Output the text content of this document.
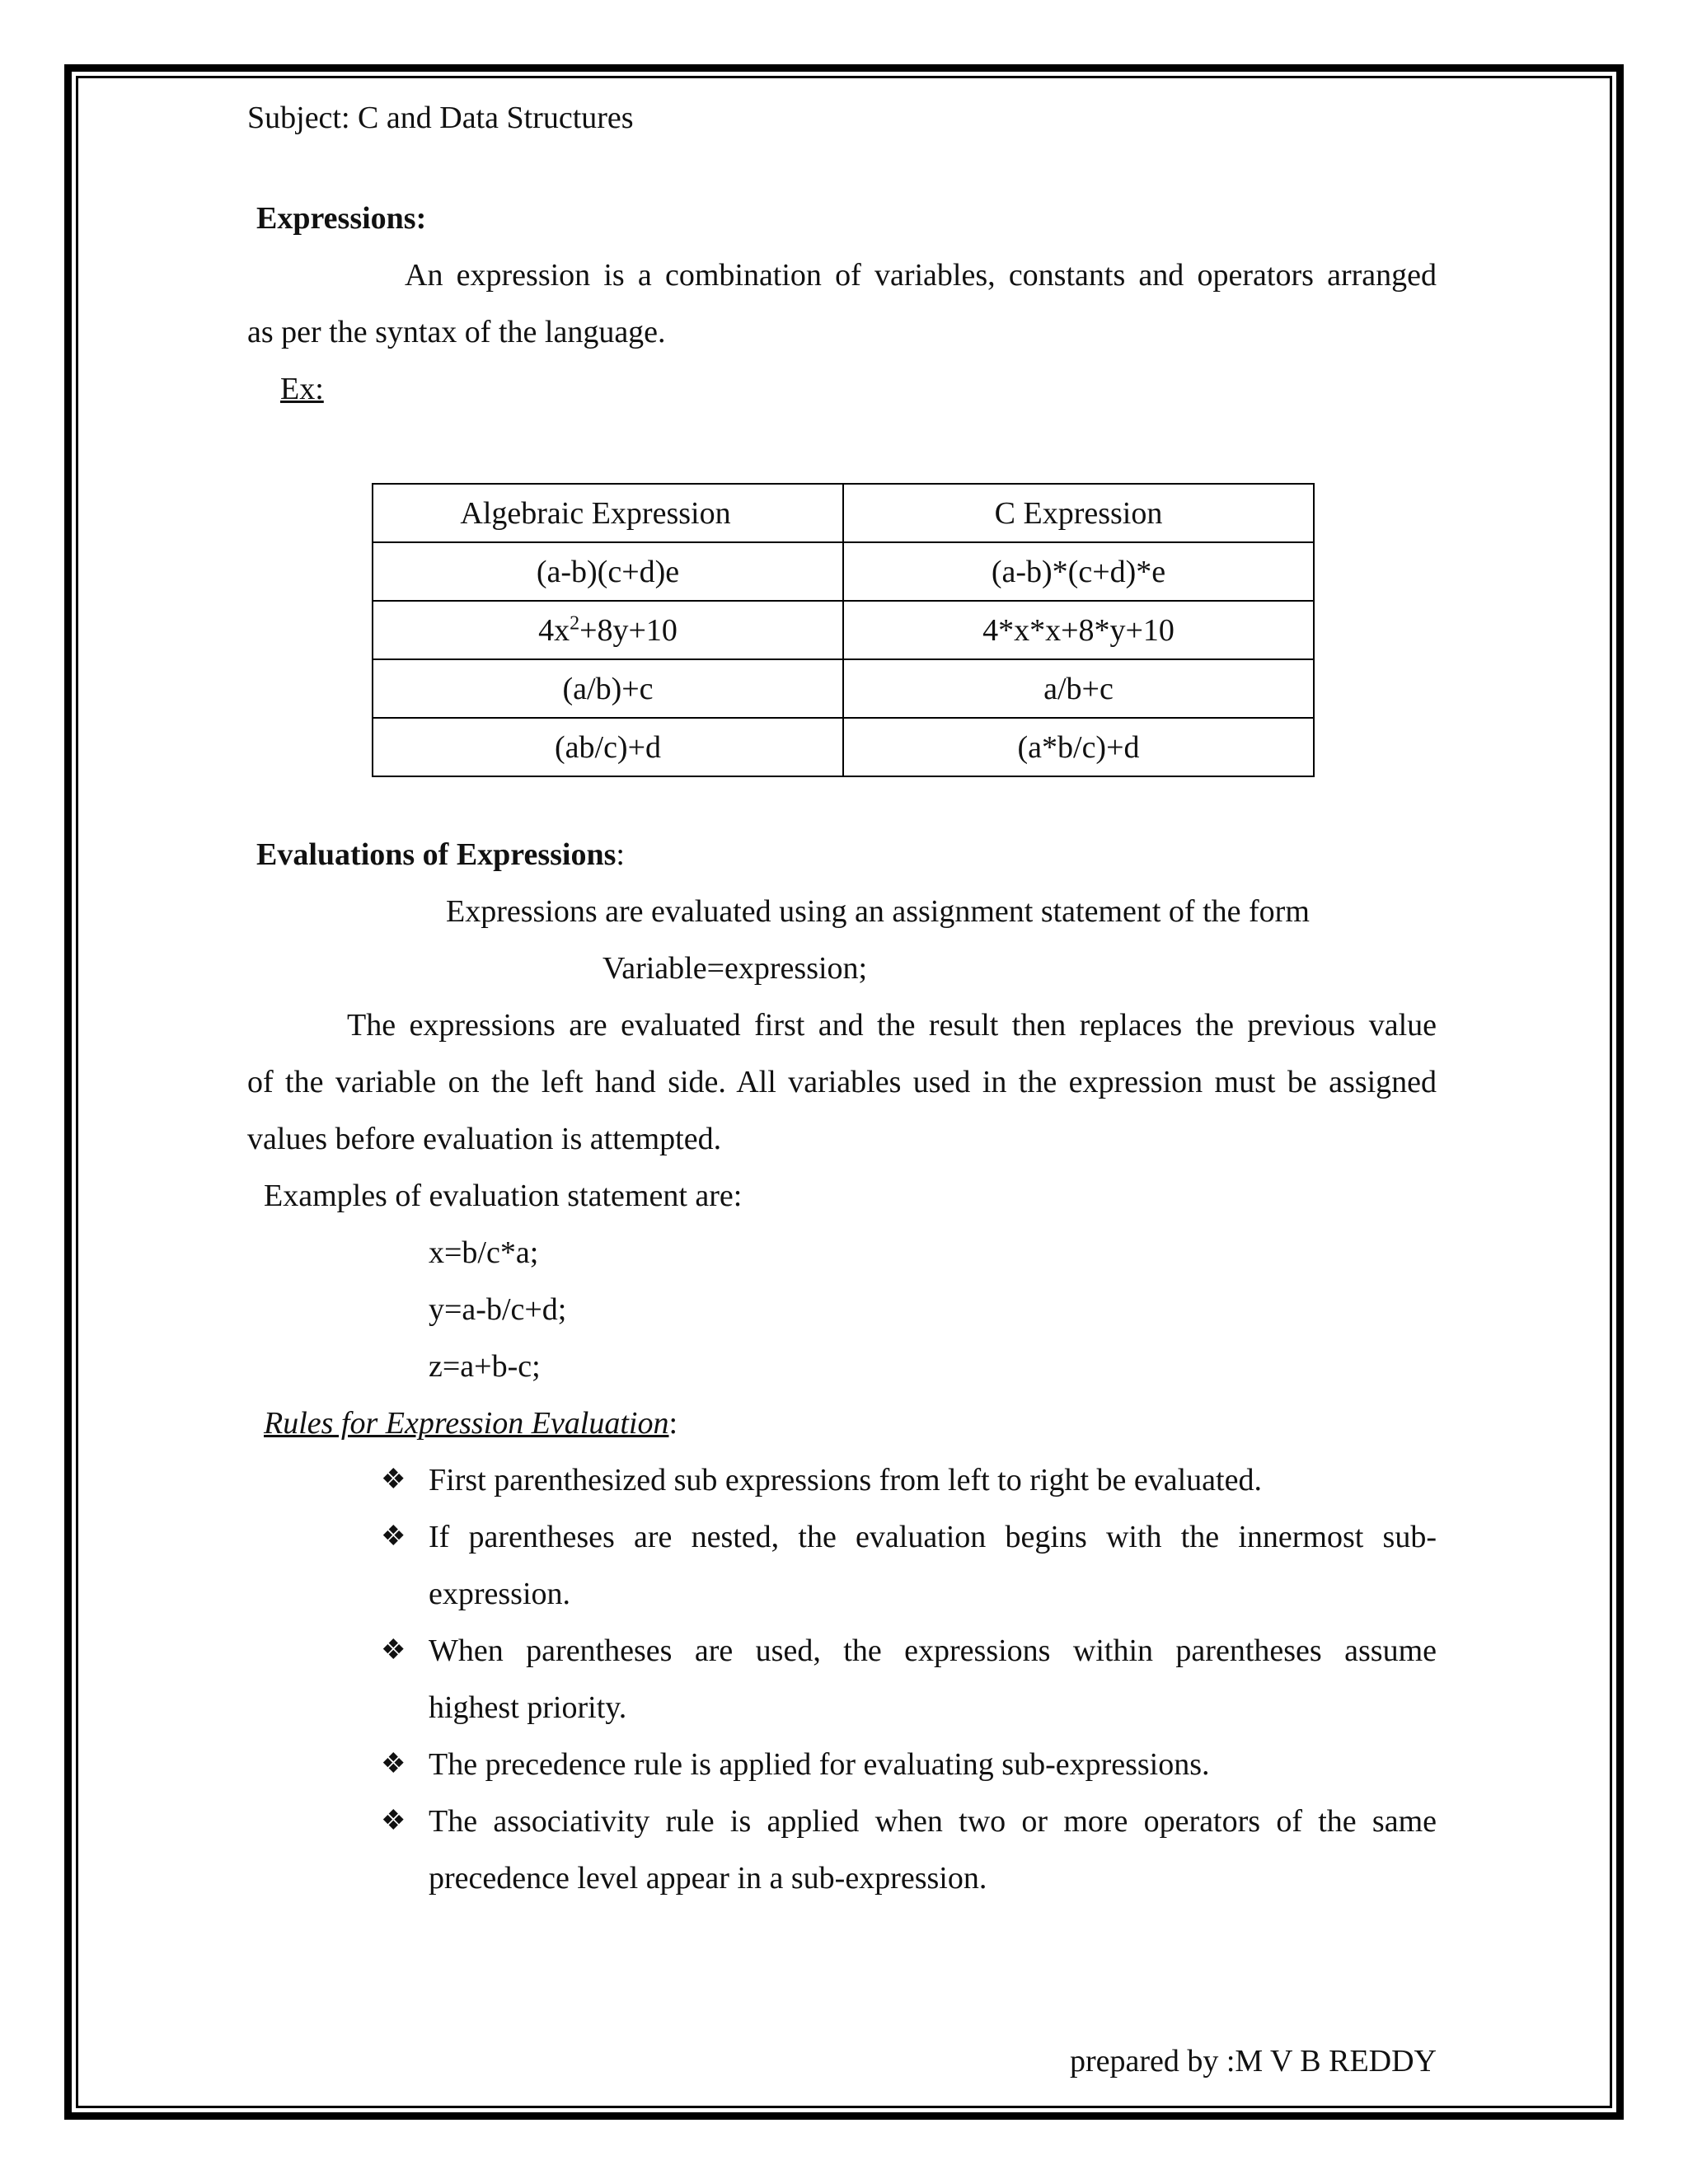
Subject: C and Data Structures
Expressions:
An expression is a combination of variables, constants and operators arranged
as per the syntax of the language.
Ex:
Algebraic Expression	C Expression
(a-b)(c+d)e	(a-b)*(c+d)*e
$4x^2+8y+10$	4*x*x+8*y+10
(a/b)+c	a/b+c
(ab/c)+d	(a*b/c)+d
Evaluations of Expressions:
Expressions are evaluated using an assignment statement of the form
Variable=expression;
The expressions are evaluated first and the result then replaces the previous value
of the variable on the left hand side. All variables used in the expression must be assigned
values before evaluation is attempted.
Examples of evaluation statement are:
x=b/c*a;
y=a-b/c+d;
z=a+b-c;
Rules for Expression Evaluation:
❖ First parenthesized sub expressions from left to right be evaluated.
❖ If parentheses are nested, the evaluation begins with the innermost sub-
expression.
❖ When parentheses are used, the expressions within parentheses assume
highest priority.
❖ The precedence rule is applied for evaluating sub-expressions.
❖ The associativity rule is applied when two or more operators of the same
precedence level appear in a sub-expression.
prepared by :M V B REDDY
